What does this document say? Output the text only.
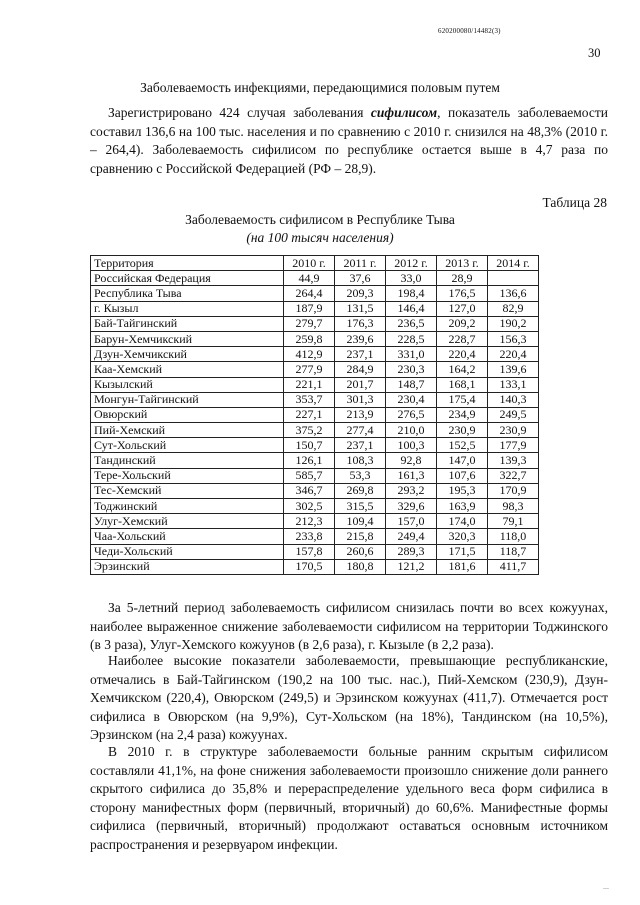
620200080/14482(3)
30
Заболеваемость инфекциями, передающимися половым путем

Зарегистрировано 424 случая заболевания сифилисом, показатель заболеваемости составил 136,6 на 100 тыс. населения и по сравнению с 2010 г. снизился на 48,3% (2010 г. – 264,4). Заболеваемость сифилисом по республике остается выше в 4,7 раза по сравнению с Российской Федерацией (РФ – 28,9).

Таблица 28
Заболеваемость сифилисом в Республике Тыва
(на 100 тысяч населения)
Территория	2010 г.	2011 г.	2012 г.	2013 г.	2014 г.
Российская Федерация	44,9	37,6	33,0	28,9	
Республика Тыва	264,4	209,3	198,4	176,5	136,6
г. Кызыл	187,9	131,5	146,4	127,0	82,9
Бай-Тайгинский	279,7	176,3	236,5	209,2	190,2
Барун-Хемчикский	259,8	239,6	228,5	228,7	156,3
Дзун-Хемчикский	412,9	237,1	331,0	220,4	220,4
Каа-Хемский	277,9	284,9	230,3	164,2	139,6
Кызылский	221,1	201,7	148,7	168,1	133,1
Монгун-Тайгинский	353,7	301,3	230,4	175,4	140,3
Овюрский	227,1	213,9	276,5	234,9	249,5
Пий-Хемский	375,2	277,4	210,0	230,9	230,9
Сут-Хольский	150,7	237,1	100,3	152,5	177,9
Тандинский	126,1	108,3	92,8	147,0	139,3
Тере-Хольский	585,7	53,3	161,3	107,6	322,7
Тес-Хемский	346,7	269,8	293,2	195,3	170,9
Тоджинский	302,5	315,5	329,6	163,9	98,3
Улуг-Хемский	212,3	109,4	157,0	174,0	79,1
Чаа-Хольский	233,8	215,8	249,4	320,3	118,0
Чеди-Хольский	157,8	260,6	289,3	171,5	118,7
Эрзинский	170,5	180,8	121,2	181,6	411,7

За 5-летний период заболеваемость сифилисом снизилась почти во всех кожуунах, наиболее выраженное снижение заболеваемости сифилисом на территории Тоджинского (в 3 раза), Улуг-Хемского кожуунов (в 2,6 раза), г. Кызыле (в 2,2 раза).

Наиболее высокие показатели заболеваемости, превышающие республиканские, отмечались в Бай-Тайгинском (190,2 на 100 тыс. нас.), Пий-Хемском (230,9), Дзун-Хемчикском (220,4), Овюрском (249,5) и Эрзинском кожуунах (411,7). Отмечается рост сифилиса в Овюрском (на 9,9%), Сут-Хольском (на 18%), Тандинском (на 10,5%), Эрзинском (на 2,4 раза) кожуунах.

В 2010 г. в структуре заболеваемости больные ранним скрытым сифилисом составляли 41,1%, на фоне снижения заболеваемости произошло снижение доли раннего скрытого сифилиса до 35,8% и перераспределение удельного веса форм сифилиса в сторону манифестных форм (первичный, вторичный) до 60,6%. Манифестные формы сифилиса (первичный, вторичный) продолжают оставаться основным источником распространения и резервуаром инфекции.

...
